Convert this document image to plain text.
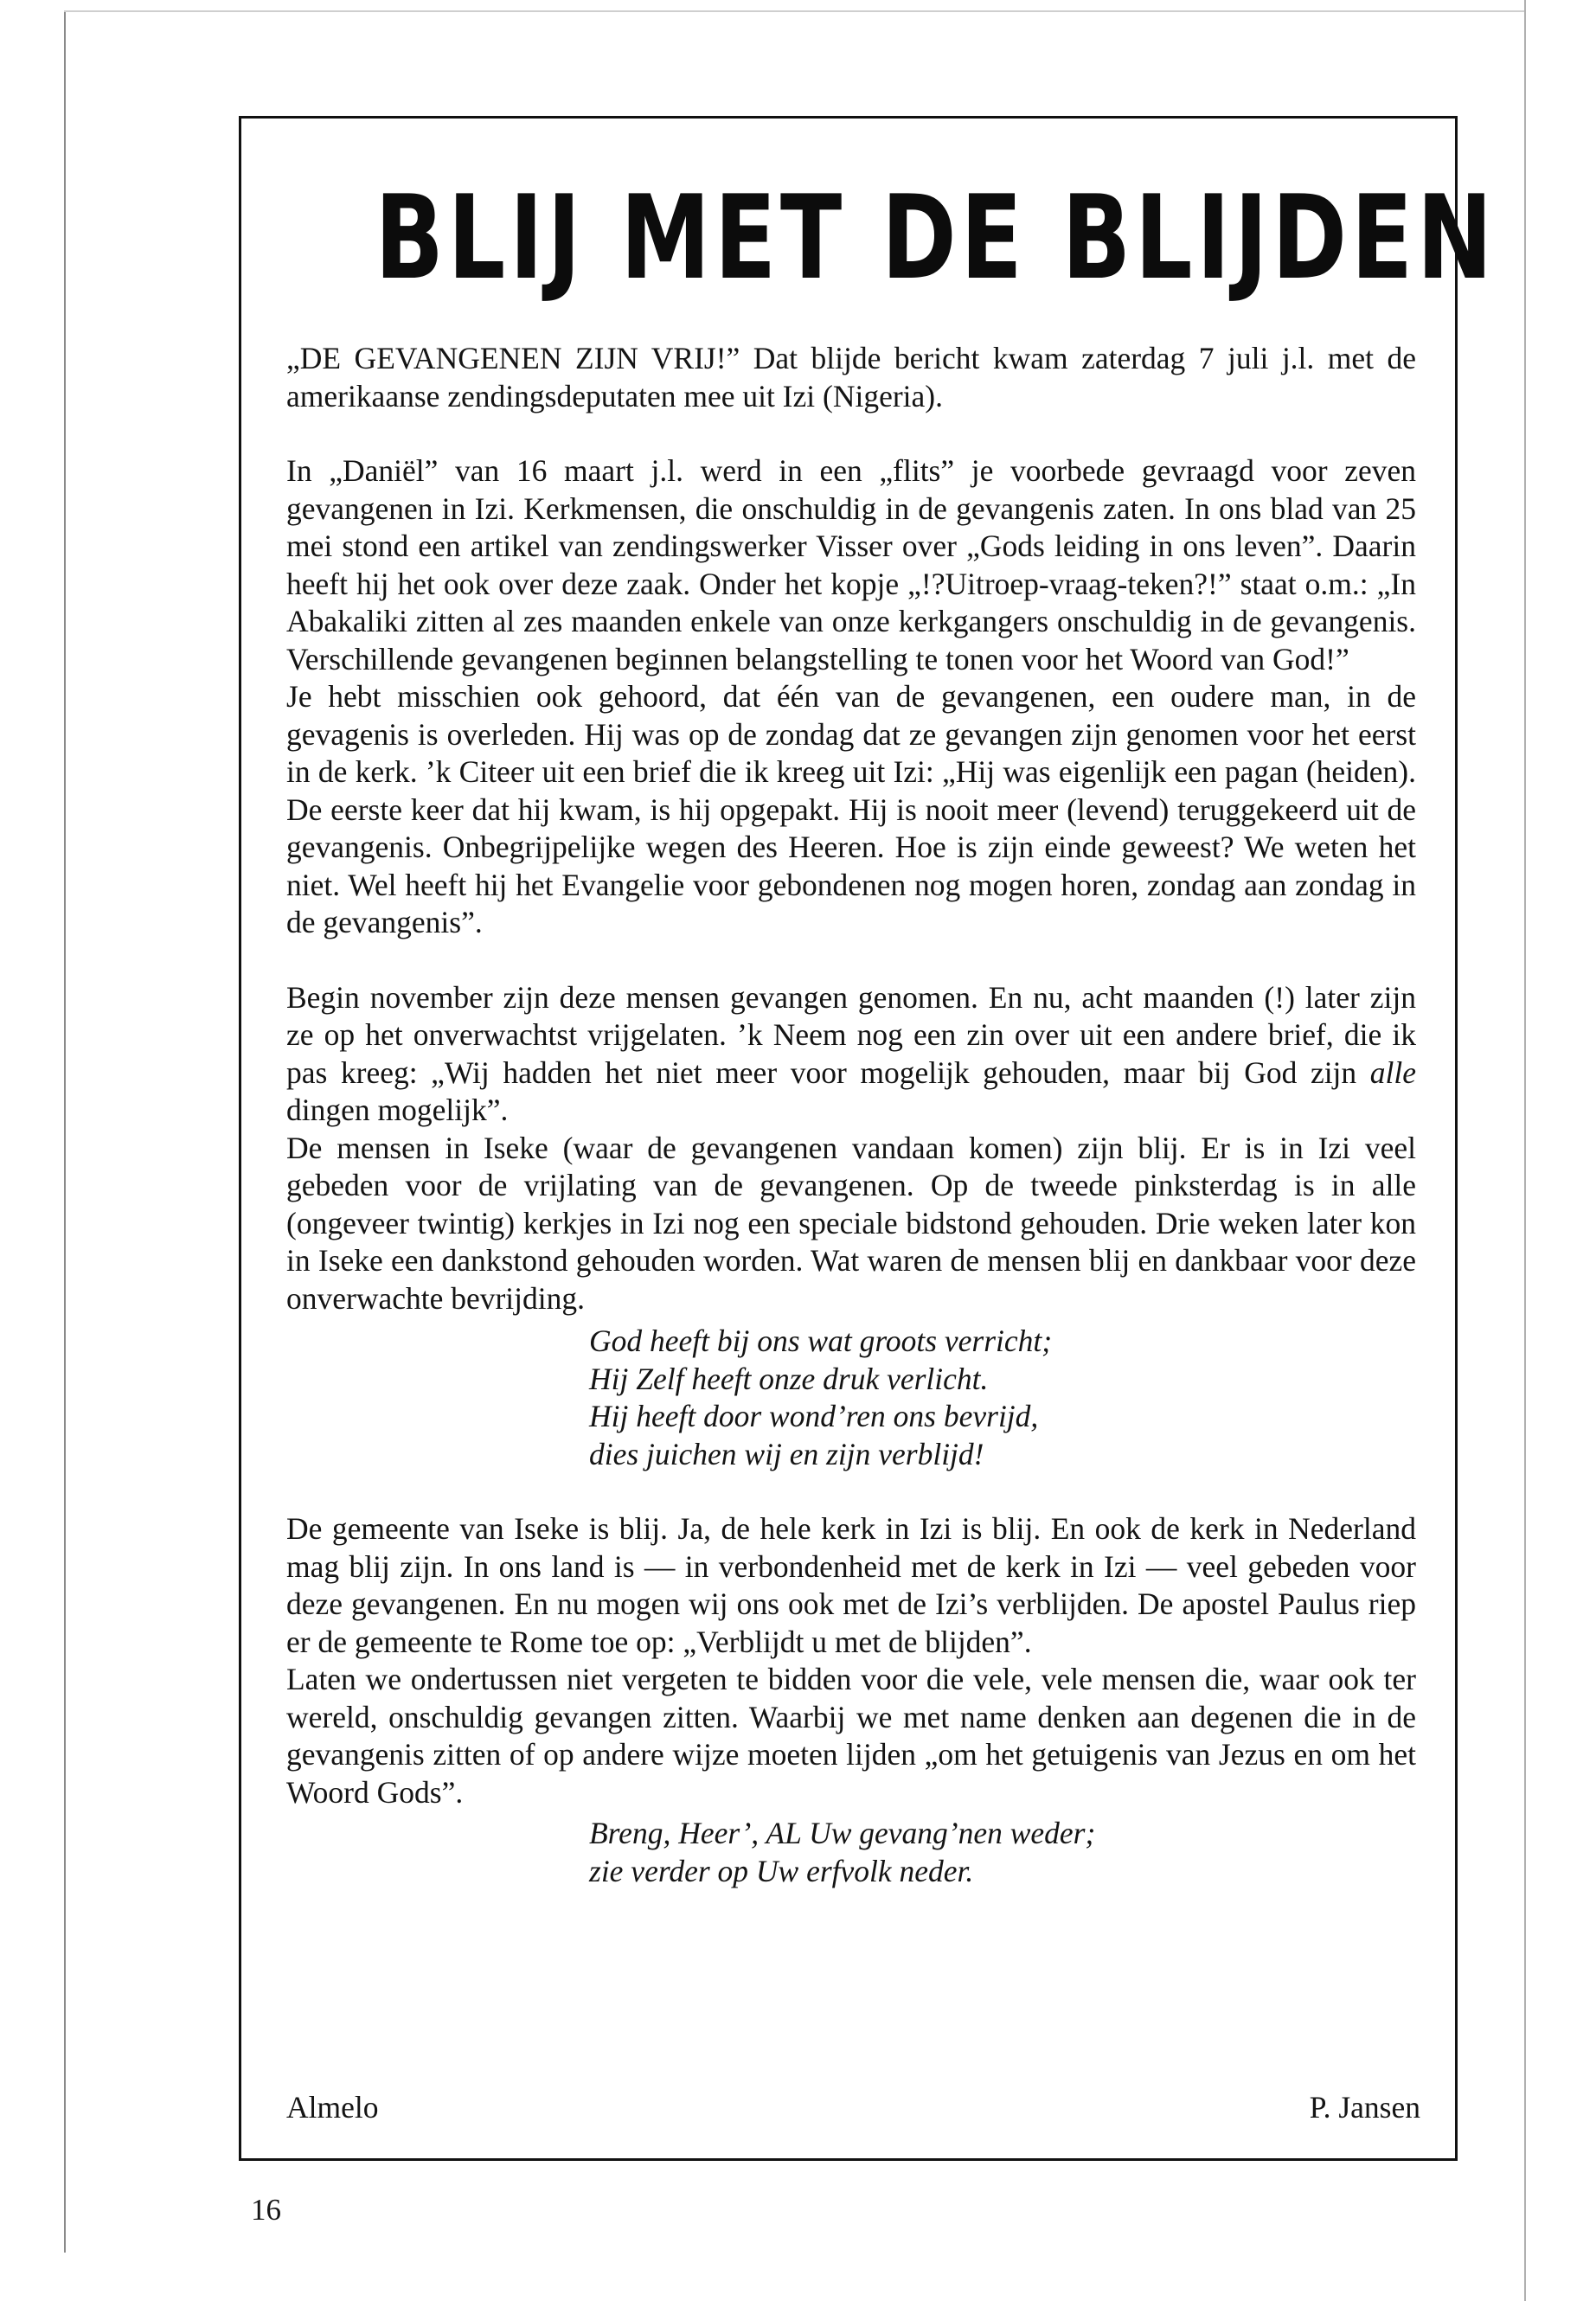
BLIJ MET DE BLIJDEN

„DE GEVANGENEN ZIJN VRIJ!” Dat blijde bericht kwam zaterdag 7 juli j.l. met de amerikaanse zendingsdeputaten mee uit Izi (Nigeria).

In „Daniël” van 16 maart j.l. werd in een „flits” je voorbede gevraagd voor zeven gevangenen in Izi. Kerkmensen, die onschuldig in de gevangenis zaten. In ons blad van 25 mei stond een artikel van zendingswerker Visser over „Gods leiding in ons leven”. Daarin heeft hij het ook over deze zaak. Onder het kopje „!?Uitroep-vraag-teken?!” staat o.m.: „In Abakaliki zitten al zes maanden enkele van onze kerkgangers onschuldig in de gevangenis. Verschillende gevangenen beginnen belangstelling te tonen voor het Woord van God!”

Je hebt misschien ook gehoord, dat één van de gevangenen, een oudere man, in de gevagenis is overleden. Hij was op de zondag dat ze gevangen zijn genomen voor het eerst in de kerk. ’k Citeer uit een brief die ik kreeg uit Izi: „Hij was eigenlijk een pagan (heiden). De eerste keer dat hij kwam, is hij opgepakt. Hij is nooit meer (levend) teruggekeerd uit de gevangenis. Onbegrijpelijke wegen des Heeren. Hoe is zijn einde geweest? We weten het niet. Wel heeft hij het Evangelie voor gebondenen nog mogen horen, zondag aan zondag in de gevangenis”.

Begin november zijn deze mensen gevangen genomen. En nu, acht maanden (!) later zijn ze op het onverwachtst vrijgelaten. ’k Neem nog een zin over uit een andere brief, die ik pas kreeg: „Wij hadden het niet meer voor mogelijk gehouden, maar bij God zijn alle dingen mogelijk”.

De mensen in Iseke (waar de gevangenen vandaan komen) zijn blij. Er is in Izi veel gebeden voor de vrijlating van de gevangenen. Op de tweede pinksterdag is in alle (ongeveer twintig) kerkjes in Izi nog een speciale bidstond gehouden. Drie weken later kon in Iseke een dankstond gehouden worden. Wat waren de mensen blij en dankbaar voor deze onverwachte bevrijding.

God heeft bij ons wat groots verricht;
Hij Zelf heeft onze druk verlicht.
Hij heeft door wond’ren ons bevrijd,
dies juichen wij en zijn verblijd!

De gemeente van Iseke is blij. Ja, de hele kerk in Izi is blij. En ook de kerk in Nederland mag blij zijn. In ons land is — in verbondenheid met de kerk in Izi — veel gebeden voor deze gevangenen. En nu mogen wij ons ook met de Izi’s verblijden. De apostel Paulus riep er de gemeente te Rome toe op: „Verblijdt u met de blijden”.

Laten we ondertussen niet vergeten te bidden voor die vele, vele mensen die, waar ook ter wereld, onschuldig gevangen zitten. Waarbij we met name denken aan degenen die in de gevangenis zitten of op andere wijze moeten lijden „om het getuigenis van Jezus en om het Woord Gods”.

Breng, Heer’, AL Uw gevang’nen weder;
zie verder op Uw erfvolk neder.
Almelo	P. Jansen
16
